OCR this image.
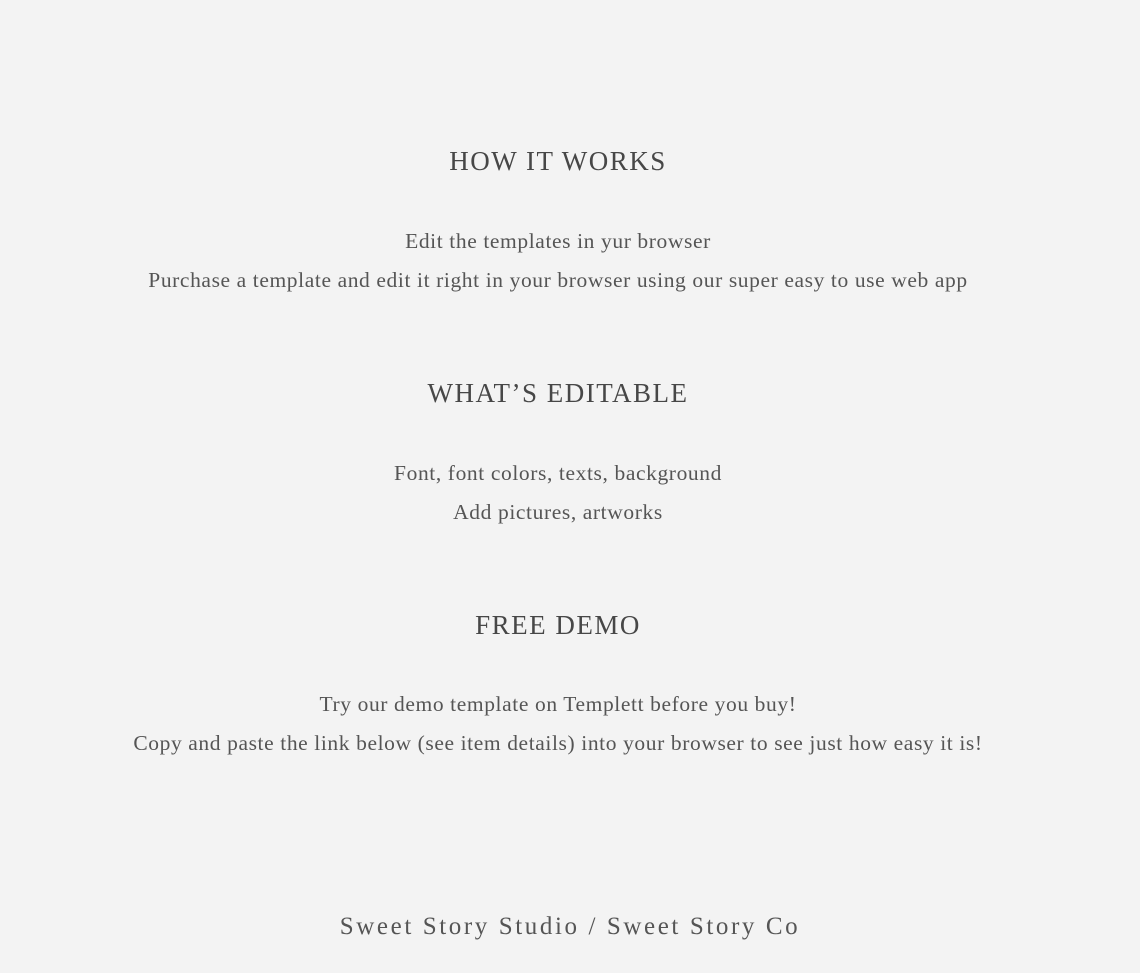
HOW IT WORKS

Edit the templates in yur browser

Purchase a template and edit it right in your browser using our super easy to use web app

WHAT’S EDITABLE

Font, font colors, texts, background

Add pictures, artworks

FREE DEMO

Try our demo template on Templett before you buy!

Copy and paste the link below (see item details) into your browser to see just how easy it is!

Sweet Story Studio / Sweet Story Co
